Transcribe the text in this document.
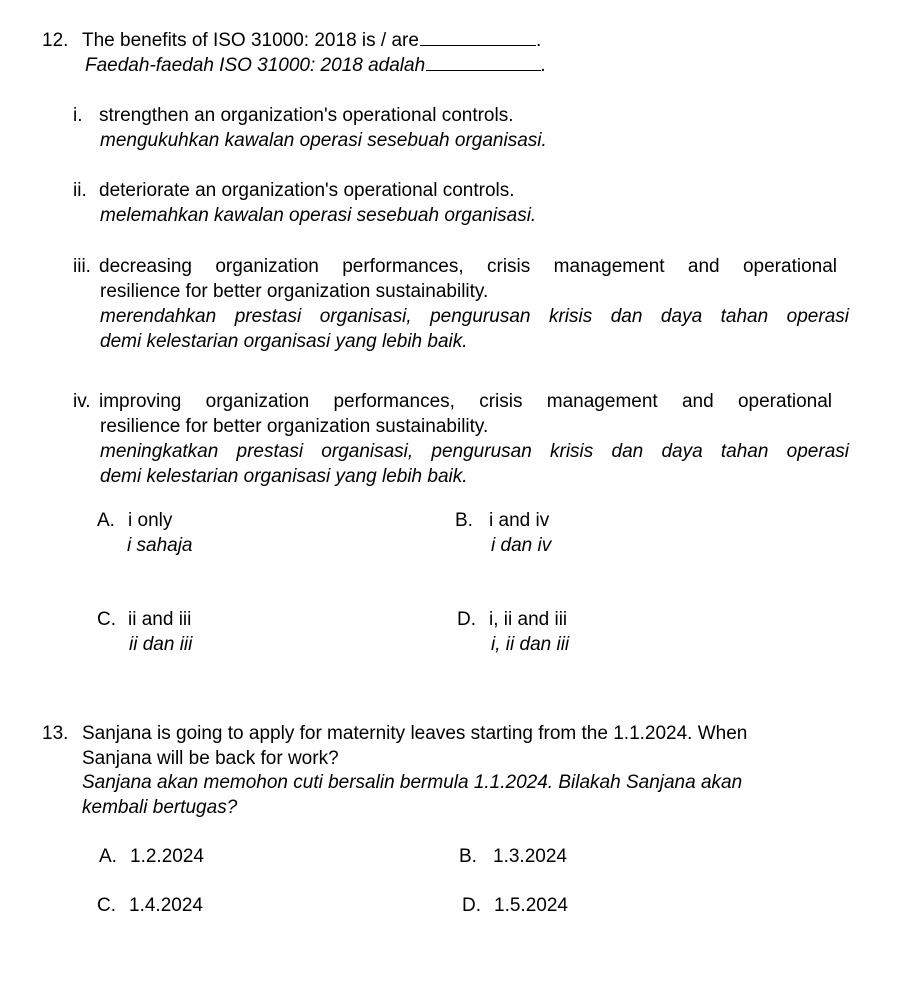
12. The benefits of ISO 31000: 2018 is / are	.
Faedah-faedah ISO 31000: 2018 adalah	.
i. strengthen an organization's operational controls.
mengukuhkan kawalan operasi sesebuah organisasi.
ii. deteriorate an organization's operational controls.
melemahkan kawalan operasi sesebuah organisasi.
iii. decreasing organization performances, crisis management and operational
resilience for better organization sustainability.
merendahkan prestasi organisasi, pengurusan krisis dan daya tahan operasi
demi kelestarian organisasi yang lebih baik.
iv. improving organization performances, crisis management and operational
resilience for better organization sustainability.
meningkatkan prestasi organisasi, pengurusan krisis dan daya tahan operasi
demi kelestarian organisasi yang lebih baik.
A. i only
i sahaja
B. i and iv
i dan iv
C. ii and iii
ii dan iii
D. i, ii and iii
i, ii dan iii
13. Sanjana is going to apply for maternity leaves starting from the 1.1.2024. When
Sanjana will be back for work?
Sanjana akan memohon cuti bersalin bermula 1.1.2024. Bilakah Sanjana akan
kembali bertugas?
A. 1.2.2024	B. 1.3.2024
C. 1.4.2024	D. 1.5.2024
